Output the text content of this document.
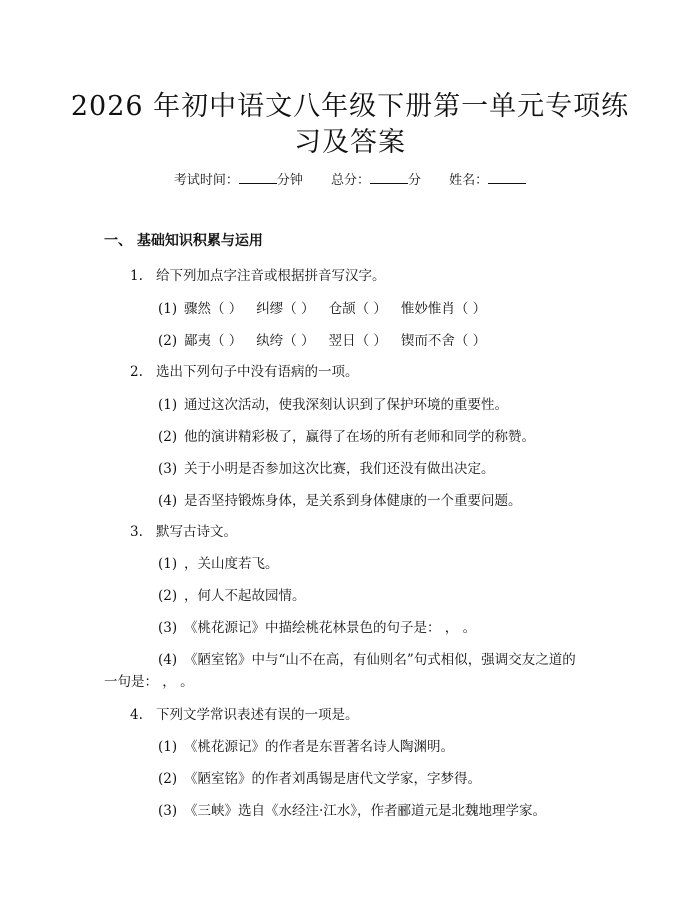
2026 年初中语文八年级下册第一单元专项练
习及答案
考试时间：	分钟 总分：	分 姓名：
一、 基础知识积累与运用
1. 给下列加点字注音或根据拼音写汉字。
(1) 骤然（ ） 纠缪（ ） 仓颉（ ） 惟妙惟肖（ ）
(2) 鄙夷（ ） 纨绔（ ） 翌日（ ） 锲而不舍（ ）
2. 选出下列句子中没有语病的一项。
(1) 通过这次活动，使我深刻认识到了保护环境的重要性。
(2) 他的演讲精彩极了，赢得了在场的所有老师和同学的称赞。
(3) 关于小明是否参加这次比赛，我们还没有做出决定。
(4) 是否坚持锻炼身体，是关系到身体健康的一个重要问题。
3. 默写古诗文。
(1) ，关山度若飞。
(2) ，何人不起故园情。
(3) 《桃花源记》中描绘桃花林景色的句子是： ， 。
(4) 《陋室铭》中与“山不在高，有仙则名”句式相似，强调交友之道的
一句是： ， 。
4. 下列文学常识表述有误的一项是。
(1) 《桃花源记》的作者是东晋著名诗人陶渊明。
(2) 《陋室铭》的作者刘禹锡是唐代文学家，字梦得。
(3) 《三峡》选自《水经注·江水》，作者郦道元是北魏地理学家。
